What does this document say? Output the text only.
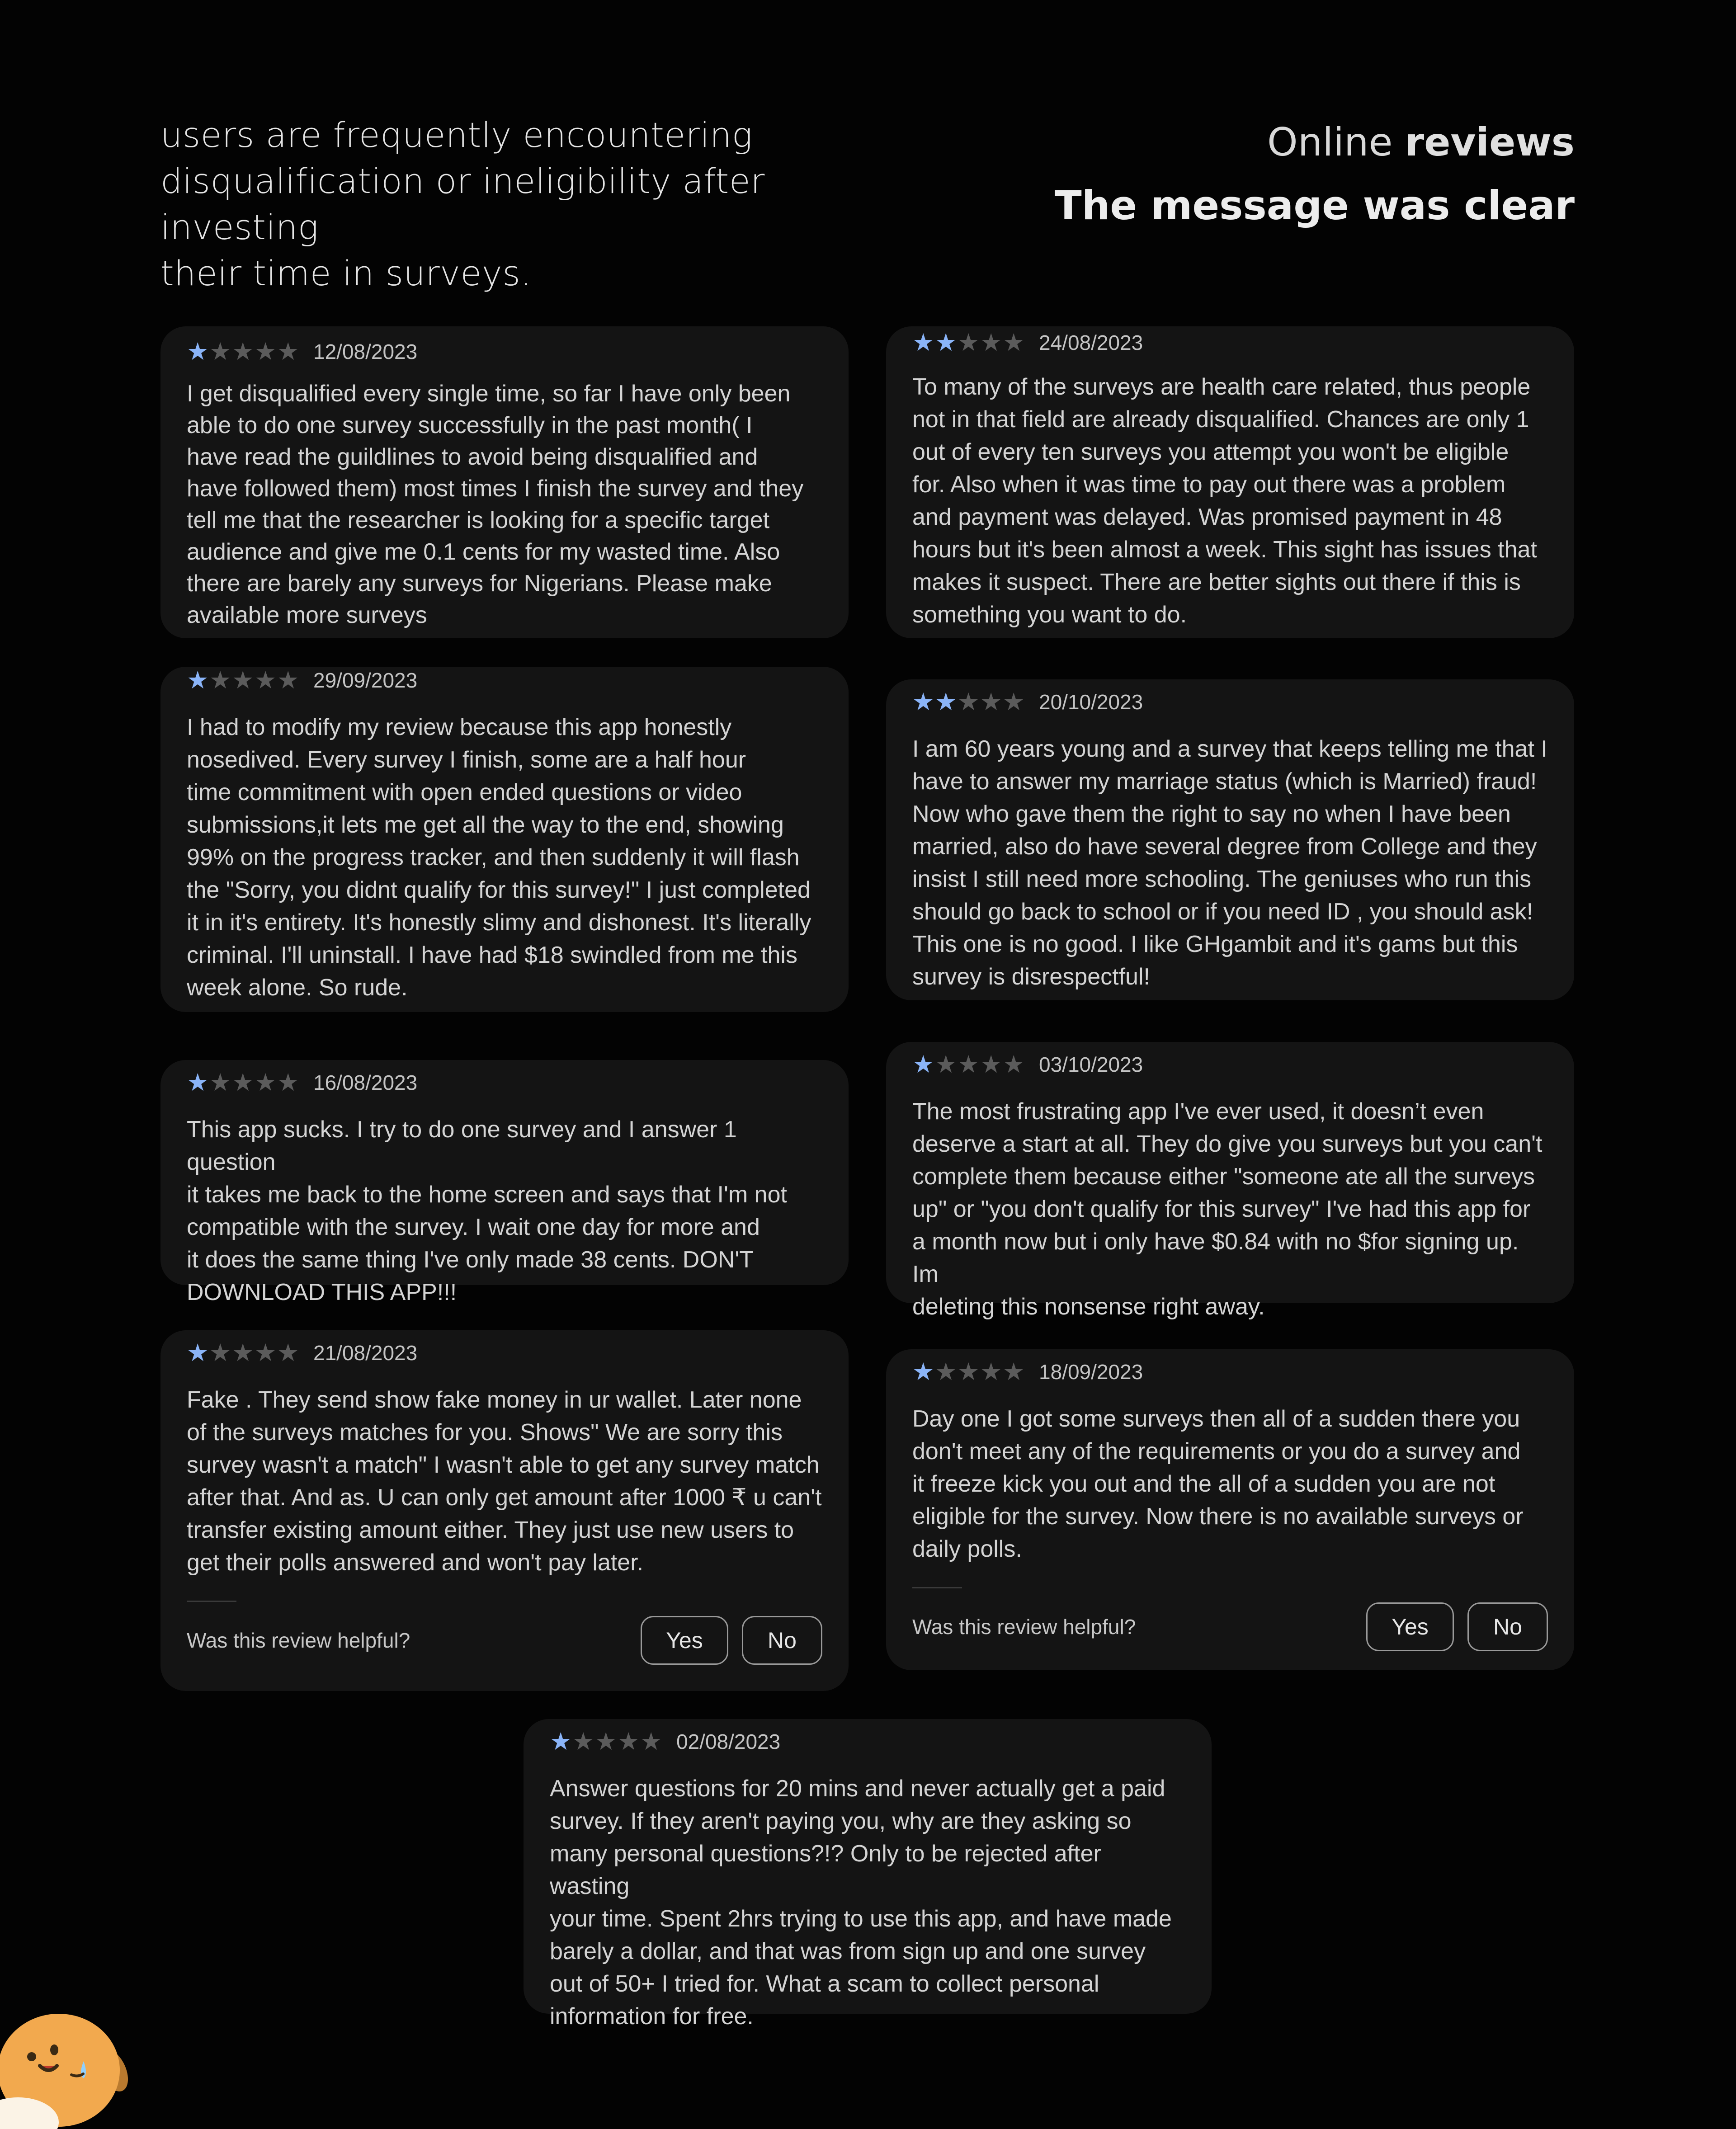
users are frequently encountering
disqualification or ineligibility after investing
their time in surveys.
Online reviews
The message was clear
★ ★ ★ ★ ★ 12/08/2023
I get disqualified every single time, so far I have only been
able to do one survey successfully in the past month( I
have read the guildlines to avoid being disqualified and
have followed them) most times I finish the survey and they
tell me that the researcher is looking for a specific target
audience and give me 0.1 cents for my wasted time. Also
there are barely any surveys for Nigerians. Please make
available more surveys
★ ★ ★ ★ ★ 24/08/2023
To many of the surveys are health care related, thus people
not in that field are already disqualified. Chances are only 1
out of every ten surveys you attempt you won't be eligible
for. Also when it was time to pay out there was a problem
and payment was delayed. Was promised payment in 48
hours but it's been almost a week. This sight has issues that
makes it suspect. There are better sights out there if this is
something you want to do.
★ ★ ★ ★ ★ 29/09/2023
I had to modify my review because this app honestly
nosedived. Every survey I finish, some are a half hour
time commitment with open ended questions or video
submissions,it lets me get all the way to the end, showing
99% on the progress tracker, and then suddenly it will flash
the "Sorry, you didnt qualify for this survey!" I just completed
it in it's entirety. It's honestly slimy and dishonest. It's literally
criminal. I'll uninstall. I have had $18 swindled from me this
week alone. So rude.
★ ★ ★ ★ ★ 20/10/2023
I am 60 years young and a survey that keeps telling me that I
have to answer my marriage status (which is Married) fraud!
Now who gave them the right to say no when I have been
married, also do have several degree from College and they
insist I still need more schooling. The geniuses who run this
should go back to school or if you need ID , you should ask!
This one is no good. I like GHgambit and it's gams but this
survey is disrespectful!
★ ★ ★ ★ ★ 16/08/2023
This app sucks. I try to do one survey and I answer 1 question
it takes me back to the home screen and says that I'm not
compatible with the survey. I wait one day for more and
it does the same thing I've only made 38 cents. DON'T
DOWNLOAD THIS APP!!!
★ ★ ★ ★ ★ 03/10/2023
The most frustrating app I've ever used, it doesn’t even
deserve a start at all. They do give you surveys but you can't
complete them because either "someone ate all the surveys
up" or "you don't qualify for this survey" I've had this app for
a month now but i only have $0.84 with no $for signing up. Im
deleting this nonsense right away.
★ ★ ★ ★ ★ 21/08/2023
Fake . They send show fake money in ur wallet. Later none
of the surveys matches for you. Shows" We are sorry this
survey wasn't a match" I wasn't able to get any survey match
after that. And as. U can only get amount after 1000 ₹ u can't
transfer existing amount either. They just use new users to
get their polls answered and won't pay later.
Was this review helpful?	Yes	No
★ ★ ★ ★ ★ 18/09/2023
Day one I got some surveys then all of a sudden there you
don't meet any of the requirements or you do a survey and
it freeze kick you out and the all of a sudden you are not
eligible for the survey. Now there is no available surveys or
daily polls.
Was this review helpful?	Yes	No
★ ★ ★ ★ ★ 02/08/2023
Answer questions for 20 mins and never actually get a paid
survey. If they aren't paying you, why are they asking so
many personal questions?!? Only to be rejected after wasting
your time. Spent 2hrs trying to use this app, and have made
barely a dollar, and that was from sign up and one survey
out of 50+ I tried for. What a scam to collect personal
information for free.
